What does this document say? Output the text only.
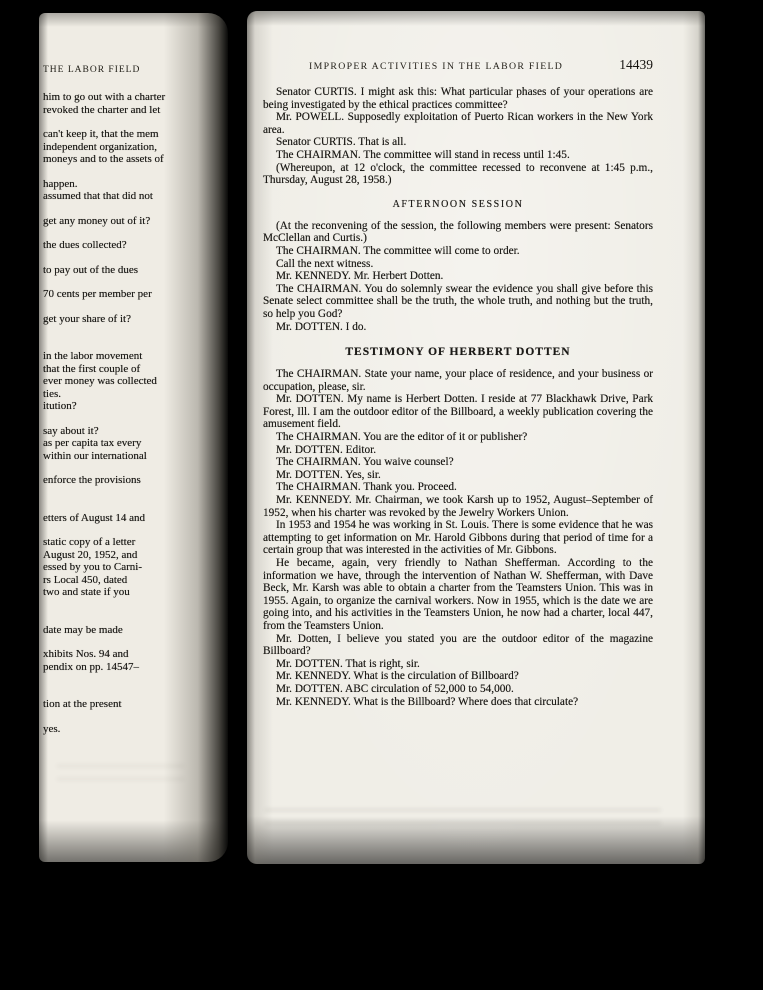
THE LABOR FIELD
him to go out with a charter
revoked the charter and let
can't keep it, that the mem
independent organization,
moneys and to the assets of
happen.
assumed that that did not
get any money out of it?
the dues collected?
to pay out of the dues
70 cents per member per
get your share of it?
in the labor movement
that the first couple of
ever money was collected
ties.
itution?
say about it?
as per capita tax every
within our international
enforce the provisions
etters of August 14 and
static copy of a letter
August 20, 1952, and
essed by you to Carni-
rs Local 450, dated
two and state if you
date may be made
xhibits Nos. 94 and
pendix on pp. 14547–
tion at the present
yes.
IMPROPER ACTIVITIES IN THE LABOR FIELD	14439

Senator CURTIS. I might ask this: What particular phases of your operations are being investigated by the ethical practices committee?

Mr. POWELL. Supposedly exploitation of Puerto Rican workers in the New York area.

Senator CURTIS. That is all.

The CHAIRMAN. The committee will stand in recess until 1:45.

(Whereupon, at 12 o'clock, the committee recessed to reconvene at 1:45 p.m., Thursday, August 28, 1958.)

AFTERNOON SESSION

(At the reconvening of the session, the following members were present: Senators McClellan and Curtis.)

The CHAIRMAN. The committee will come to order.

Call the next witness.

Mr. KENNEDY. Mr. Herbert Dotten.

The CHAIRMAN. You do solemnly swear the evidence you shall give before this Senate select committee shall be the truth, the whole truth, and nothing but the truth, so help you God?

Mr. DOTTEN. I do.

TESTIMONY OF HERBERT DOTTEN

The CHAIRMAN. State your name, your place of residence, and your business or occupation, please, sir.

Mr. DOTTEN. My name is Herbert Dotten. I reside at 77 Blackhawk Drive, Park Forest, Ill. I am the outdoor editor of the Billboard, a weekly publication covering the amusement field.

The CHAIRMAN. You are the editor of it or publisher?

Mr. DOTTEN. Editor.

The CHAIRMAN. You waive counsel?

Mr. DOTTEN. Yes, sir.

The CHAIRMAN. Thank you. Proceed.

Mr. KENNEDY. Mr. Chairman, we took Karsh up to 1952, August–September of 1952, when his charter was revoked by the Jewelry Workers Union.

In 1953 and 1954 he was working in St. Louis. There is some evidence that he was attempting to get information on Mr. Harold Gibbons during that period of time for a certain group that was interested in the activities of Mr. Gibbons.

He became, again, very friendly to Nathan Shefferman. According to the information we have, through the intervention of Nathan W. Shefferman, with Dave Beck, Mr. Karsh was able to obtain a charter from the Teamsters Union. This was in 1955. Again, to organize the carnival workers. Now in 1955, which is the date we are going into, and his activities in the Teamsters Union, he now had a charter, local 447, from the Teamsters Union.

Mr. Dotten, I believe you stated you are the outdoor editor of the magazine Billboard?

Mr. DOTTEN. That is right, sir.

Mr. KENNEDY. What is the circulation of Billboard?

Mr. DOTTEN. ABC circulation of 52,000 to 54,000.

Mr. KENNEDY. What is the Billboard? Where does that circulate?
